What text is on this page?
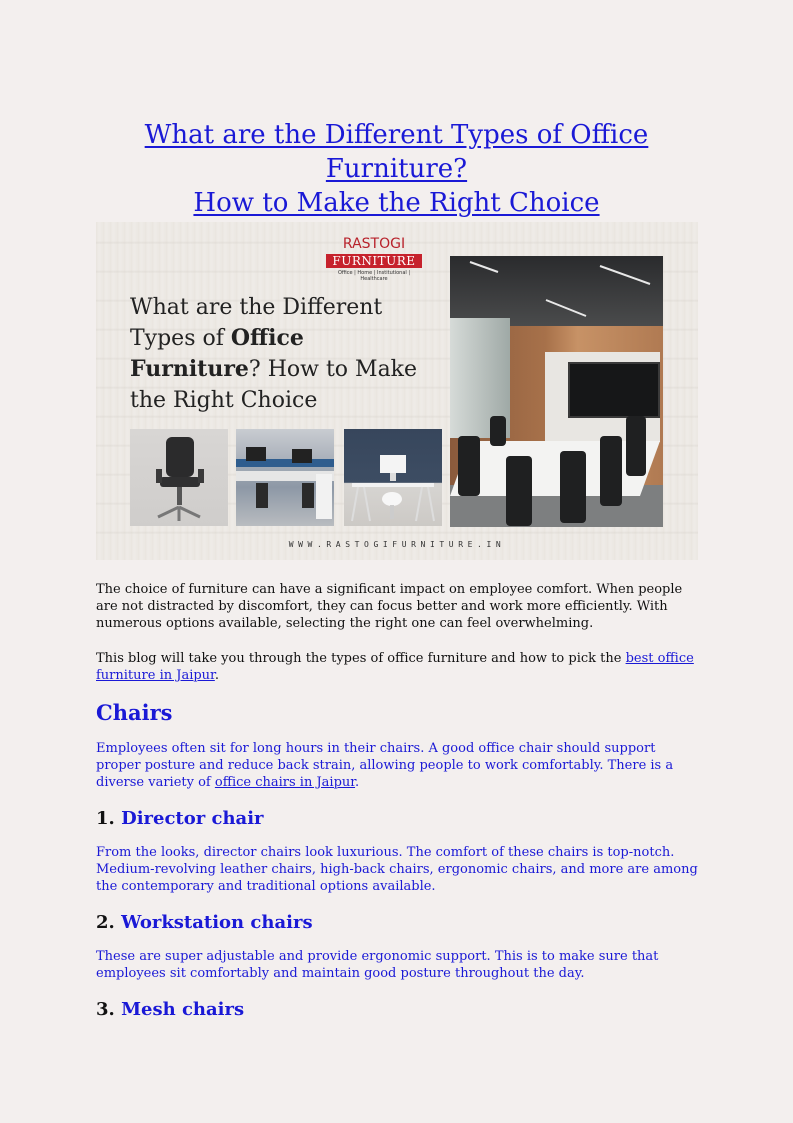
What are the Different Types of Office Furniture?
How to Make the Right Choice
RASTOGI
FURNITURE
Office | Home | Institutional | Healthcare
What are the Different Types of Office Furniture? How to Make the Right Choice
WWW.RASTOGIFURNITURE.IN
The choice of furniture can have a significant impact on employee comfort. When people are not distracted by discomfort, they can focus better and work more efficiently. With numerous options available, selecting the right one can feel overwhelming.
This blog will take you through the types of office furniture and how to pick the best office furniture in Jaipur.
Chairs
Employees often sit for long hours in their chairs. A good office chair should support proper posture and reduce back strain, allowing people to work comfortably. There is a diverse variety of office chairs in Jaipur.
1. Director chair
From the looks, director chairs look luxurious. The comfort of these chairs is top-notch. Medium-revolving leather chairs, high-back chairs, ergonomic chairs, and more are among the contemporary and traditional options available.
2. Workstation chairs
These are super adjustable and provide ergonomic support. This is to make sure that employees sit comfortably and maintain good posture throughout the day.
3. Mesh chairs
